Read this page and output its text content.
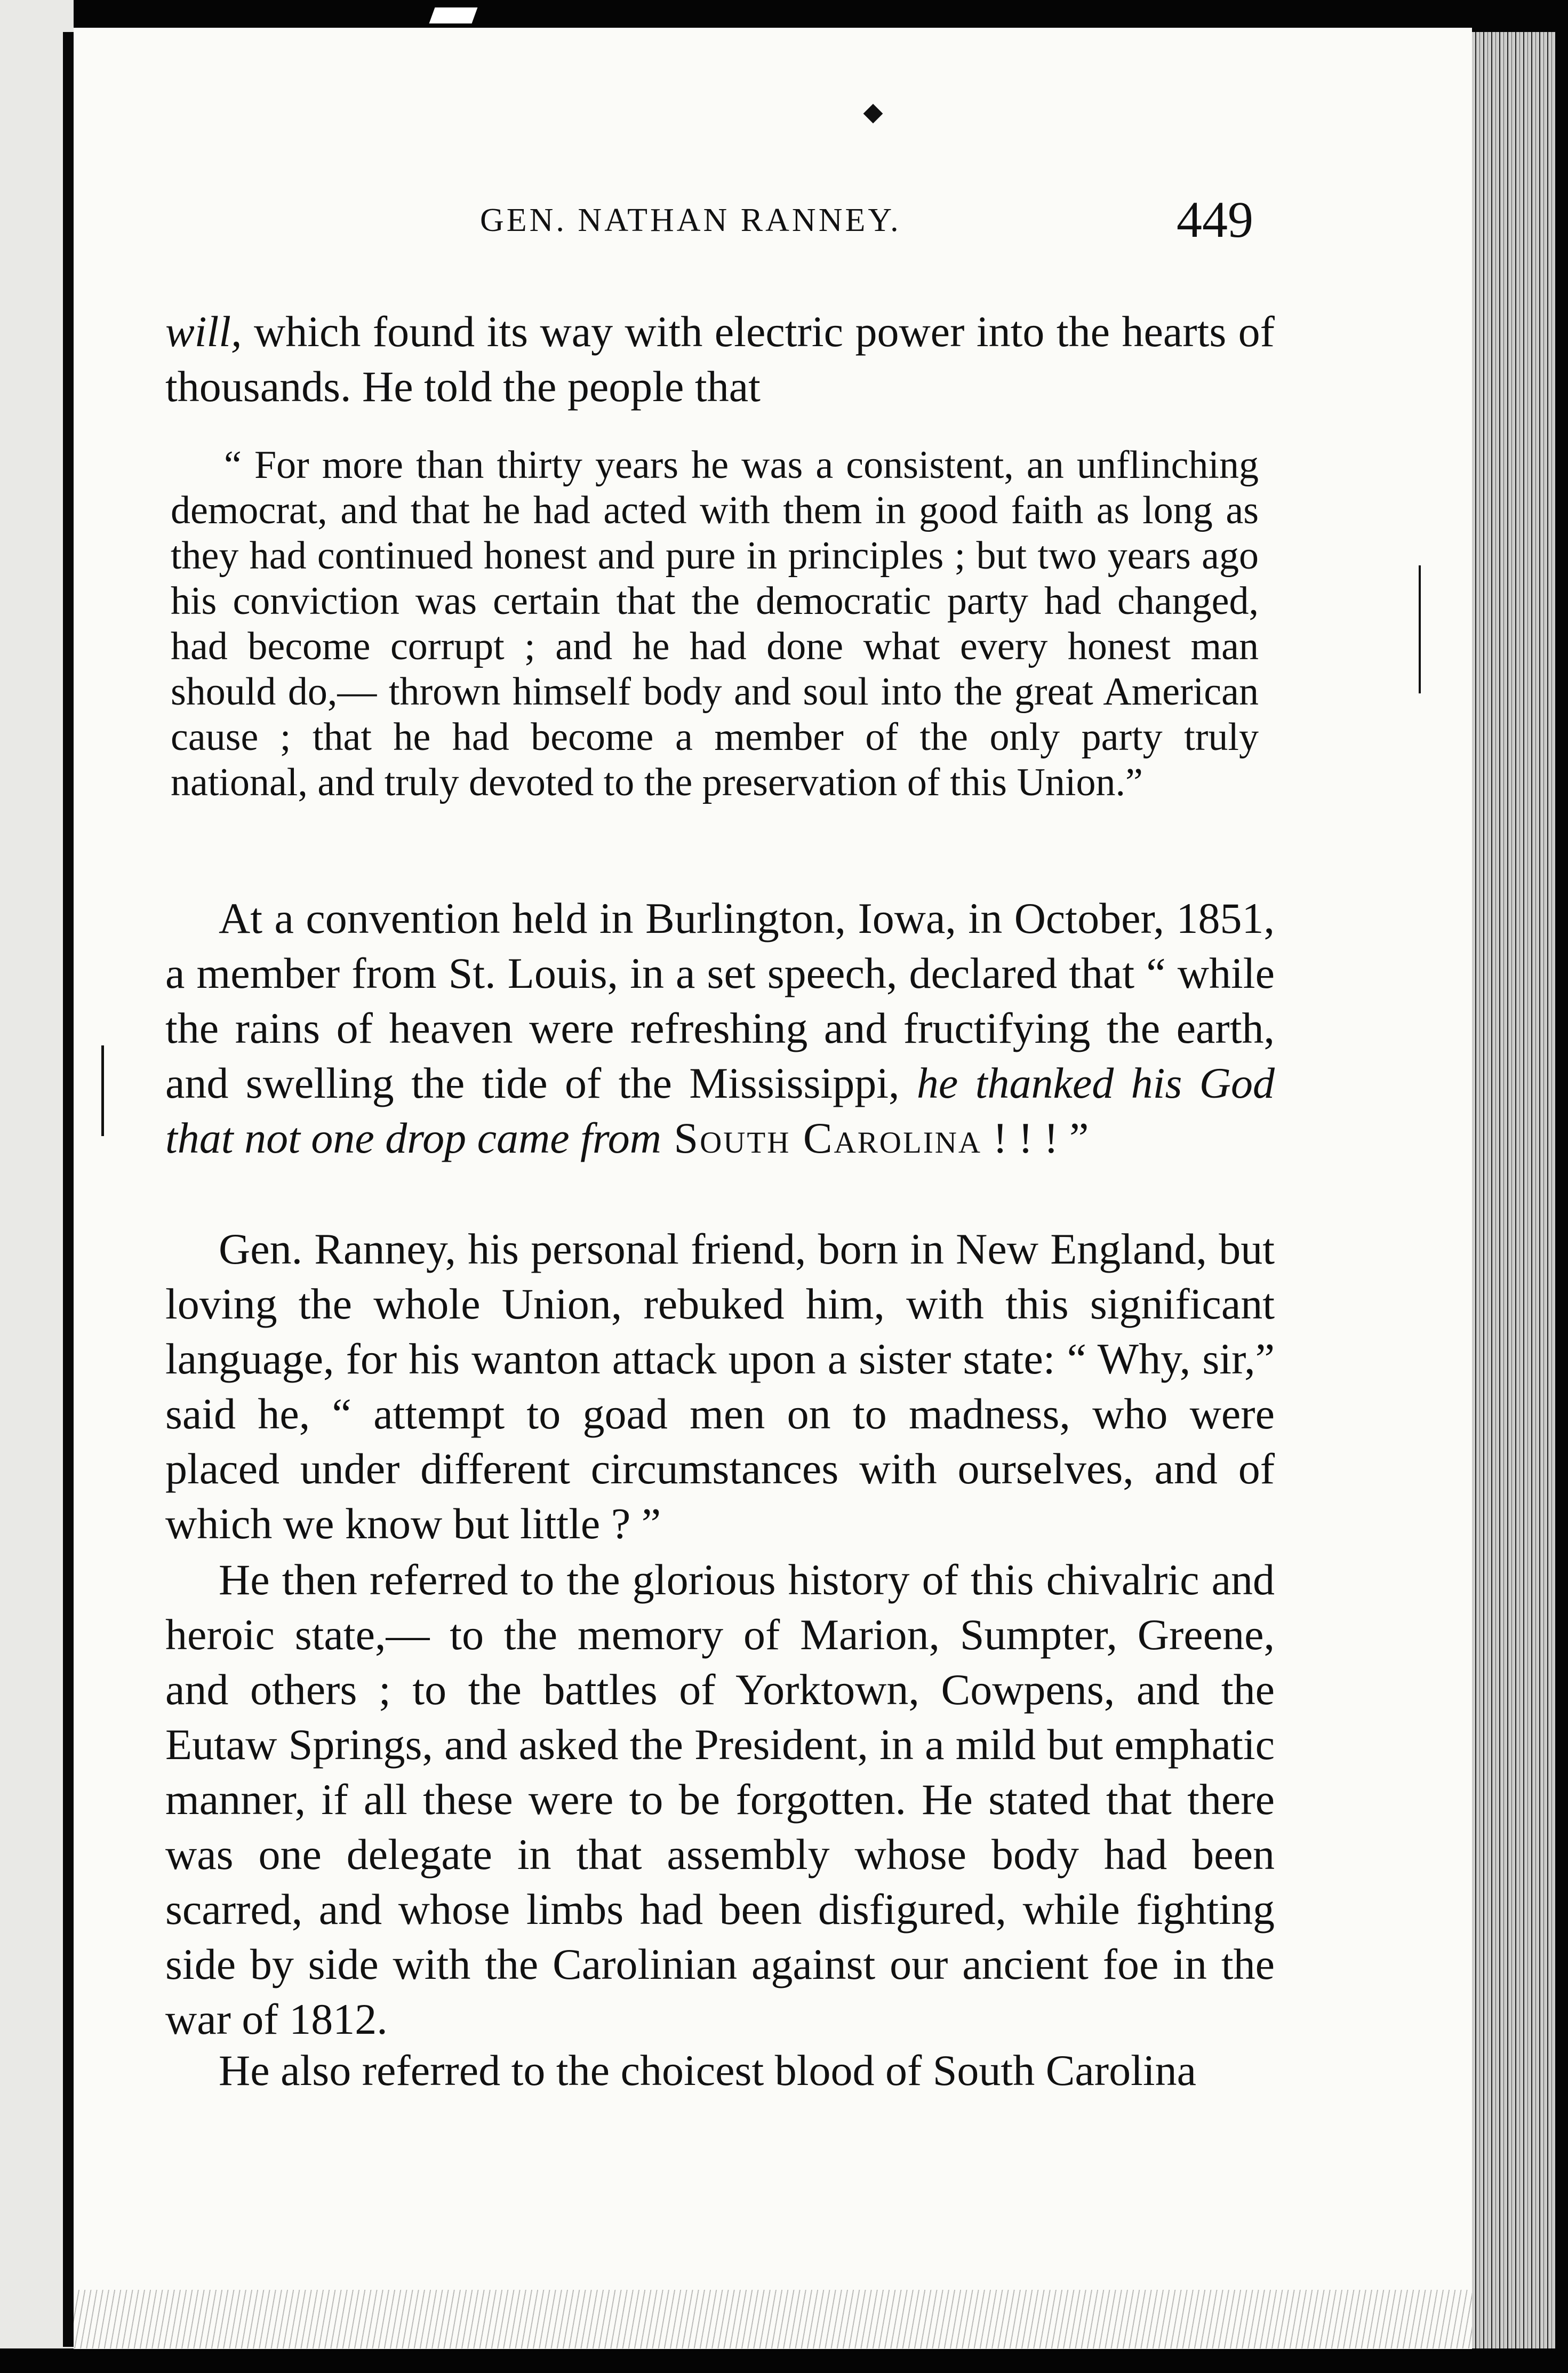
GEN. NATHAN RANNEY.	449
will, which found its way with electric power into the hearts of thousands. He told the people that
“ For more than thirty years he was a consistent, an unflinching democrat, and that he had acted with them in good faith as long as they had continued honest and pure in principles ; but two years ago his conviction was certain that the democratic party had changed, had become corrupt ; and he had done what every honest man should do,— thrown himself body and soul into the great American cause ; that he had become a member of the only party truly national, and truly devoted to the preservation of this Union.”
At a convention held in Burlington, Iowa, in October, 1851, a member from St. Louis, in a set speech, declared that “ while the rains of heaven were refreshing and fructifying the earth, and swelling the tide of the Mississippi, he thanked his God that not one drop came from South Carolina ! ! ! ”
Gen. Ranney, his personal friend, born in New England, but loving the whole Union, rebuked him, with this significant language, for his wanton attack upon a sister state: “ Why, sir,” said he, “ attempt to goad men on to madness, who were placed under different circumstances with ourselves, and of which we know but little ? ”
He then referred to the glorious history of this chivalric and heroic state,— to the memory of Marion, Sumpter, Greene, and others ; to the battles of Yorktown, Cowpens, and the Eutaw Springs, and asked the President, in a mild but emphatic manner, if all these were to be forgotten. He stated that there was one delegate in that assembly whose body had been scarred, and whose limbs had been disfigured, while fighting side by side with the Carolinian against our ancient foe in the war of 1812.
He also referred to the choicest blood of South Carolina
